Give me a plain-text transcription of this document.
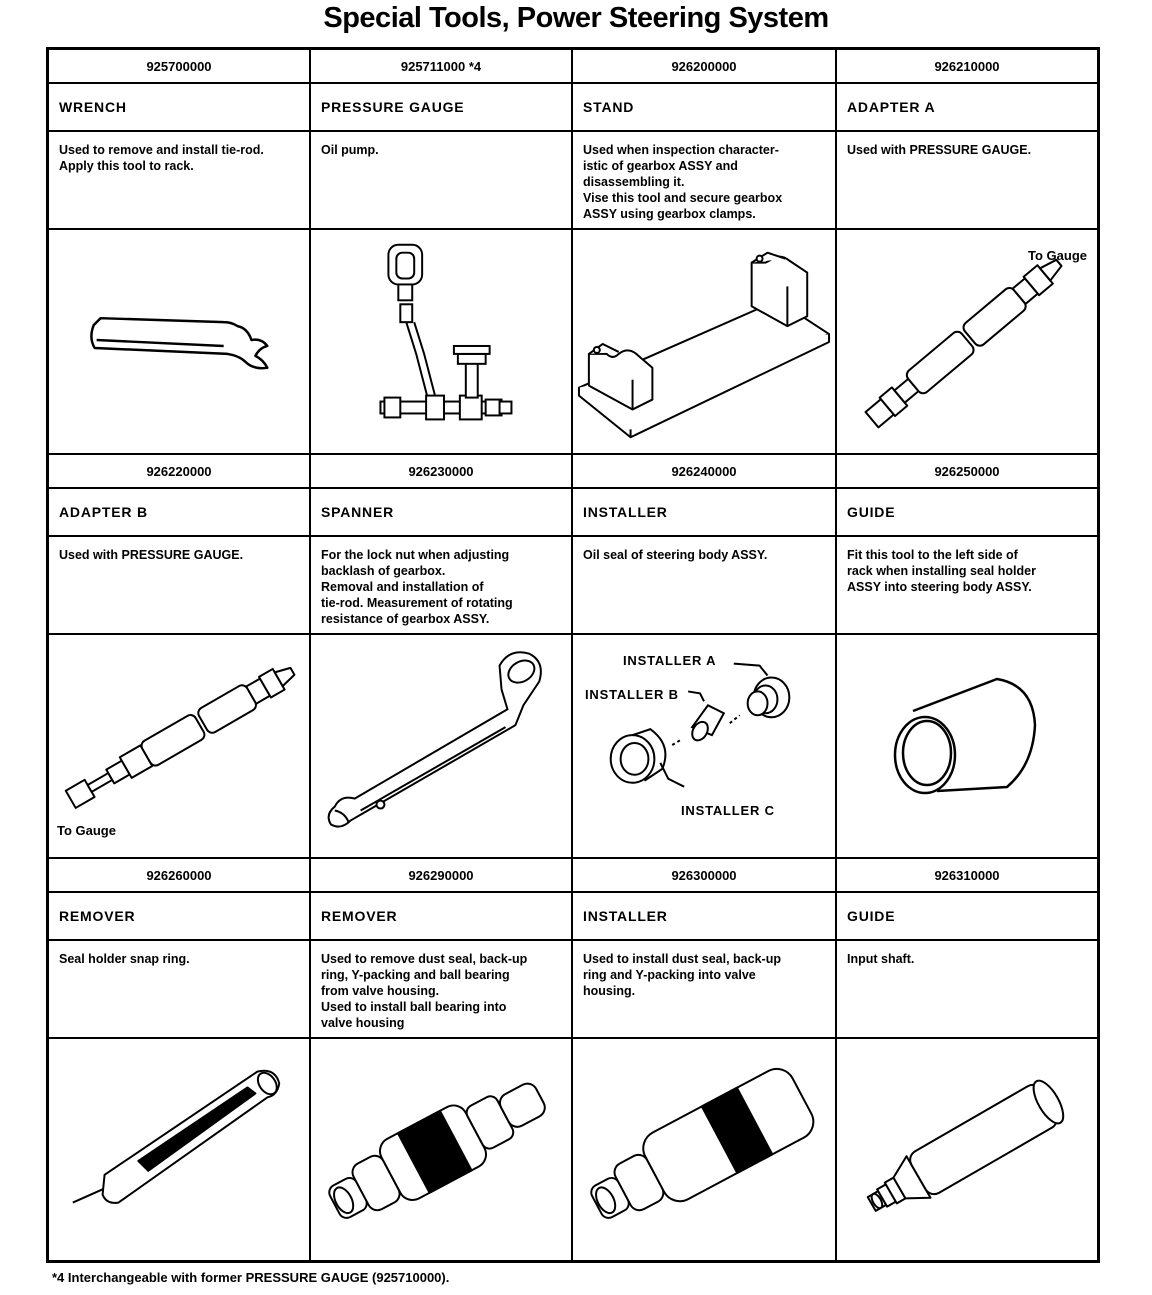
Special Tools, Power Steering System
925700000
WRENCH
Used to remove and install tie-rod.
Apply this tool to rack.
925711000 *4
PRESSURE GAUGE
Oil pump.
926200000
STAND
Used when inspection character-
istic of gearbox ASSY and
disassembling it.
Vise this tool and secure gearbox
ASSY using gearbox clamps.
926210000
ADAPTER A
Used with PRESSURE GAUGE.
To Gauge
926220000
ADAPTER B
Used with PRESSURE GAUGE.
To Gauge
926230000
SPANNER
For the lock nut when adjusting
backlash of gearbox.
Removal and installation of
tie-rod. Measurement of rotating
resistance of gearbox ASSY.
926240000
INSTALLER
Oil seal of steering body ASSY.
INSTALLER A
INSTALLER B
INSTALLER C
926250000
GUIDE
Fit this tool to the left side of
rack when installing seal holder
ASSY into steering body ASSY.
926260000
REMOVER
Seal holder snap ring.
926290000
REMOVER
Used to remove dust seal, back-up
ring, Y-packing and ball bearing
from valve housing.
Used to install ball bearing into
valve housing
926300000
INSTALLER
Used to install dust seal, back-up
ring and Y-packing into valve
housing.
926310000
GUIDE
Input shaft.
*4 Interchangeable with former PRESSURE GAUGE (925710000).
